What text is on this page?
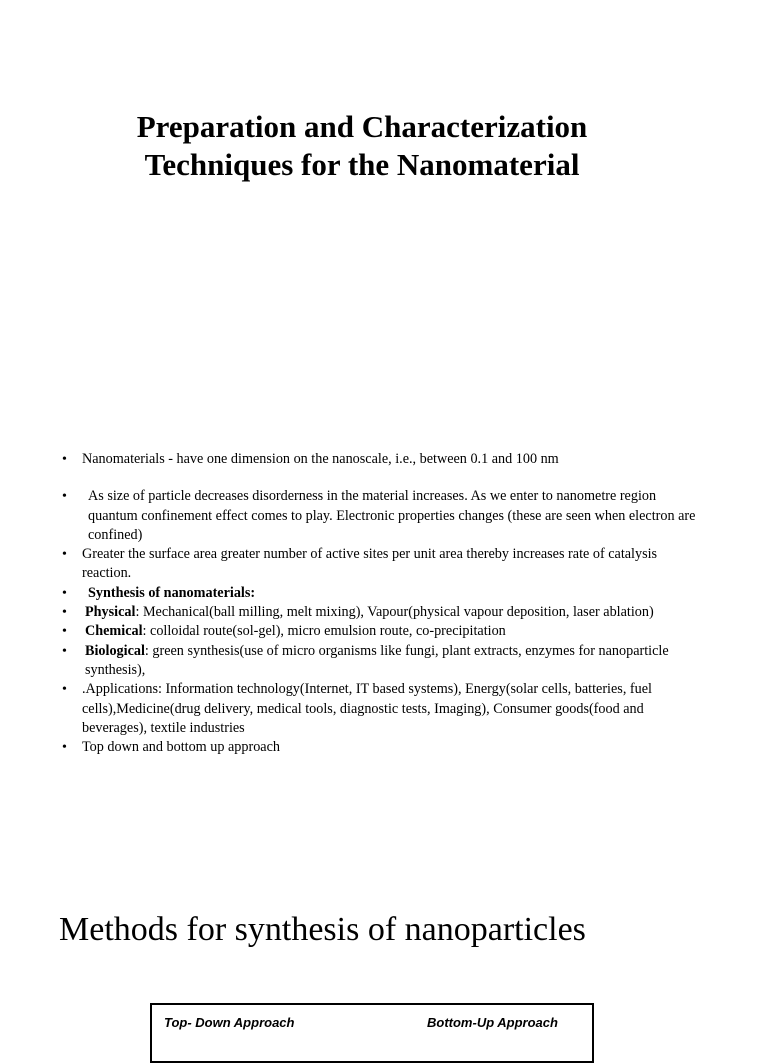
Preparation and Characterization
Techniques for the Nanomaterial
• Nanomaterials - have one dimension on the nanoscale, i.e., between 0.1 and 100 nm
•	As size of particle decreases disorderness in the material increases. As we enter to nanometre region quantum confinement effect comes to play. Electronic properties changes (these are seen when electron are confined)
• Greater the surface area greater number of active sites per unit area thereby increases rate of catalysis reaction.
•	Synthesis of nanomaterials:
• Physical: Mechanical(ball milling, melt mixing), Vapour(physical vapour deposition, laser ablation)
• Chemical: colloidal route(sol-gel), micro emulsion route, co-precipitation
• Biological: green synthesis(use of micro organisms like fungi, plant extracts, enzymes for nanoparticle synthesis),
• .Applications: Information technology(Internet, IT based systems), Energy(solar cells, batteries, fuel cells),Medicine(drug delivery, medical tools, diagnostic tests, Imaging), Consumer goods(food and beverages), textile industries
• Top down and bottom up approach
Methods for synthesis of nanoparticles
Top- Down Approach	Bottom-Up Approach
